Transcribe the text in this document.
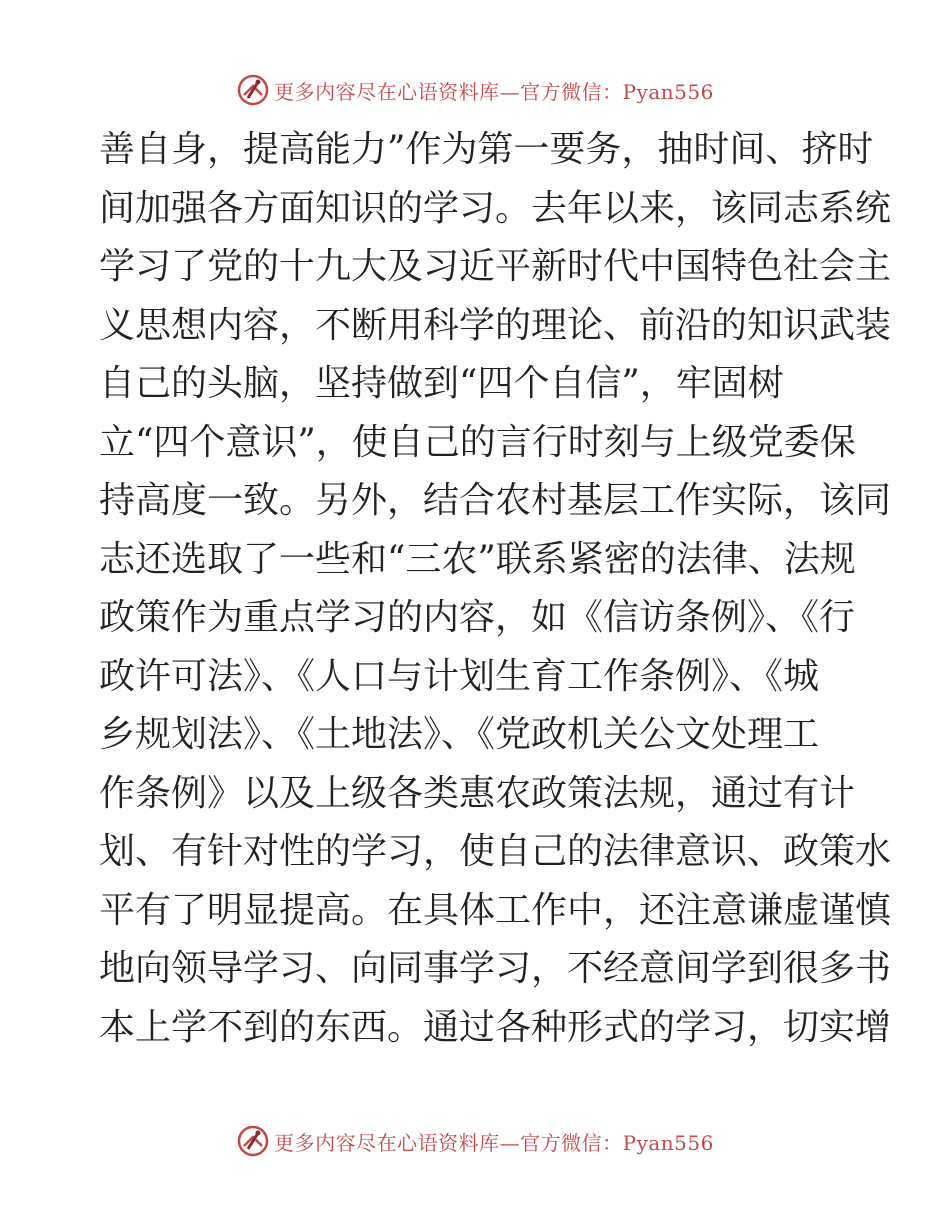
更多内容尽在心语资料库—官方微信：Pyan556
善自身，提高能力”作为第一要务，抽时间、挤时
间加强各方面知识的学习。去年以来，该同志系统
学习了党的十九大及习近平新时代中国特色社会主
义思想内容，不断用科学的理论、前沿的知识武装
自己的头脑，坚持做到“四个自信”，牢固树
立“四个意识”，使自己的言行时刻与上级党委保
持高度一致。另外，结合农村基层工作实际，该同
志还选取了一些和“三农”联系紧密的法律、法规
政策作为重点学习的内容，如《信访条例》、《行
政许可法》、《人口与计划生育工作条例》、《城
乡规划法》、《土地法》、《党政机关公文处理工
作条例》以及上级各类惠农政策法规，通过有计
划、有针对性的学习，使自己的法律意识、政策水
平有了明显提高。在具体工作中，还注意谦虚谨慎
地向领导学习、向同事学习，不经意间学到很多书
本上学不到的东西。通过各种形式的学习，切实增
更多内容尽在心语资料库—官方微信：Pyan556
